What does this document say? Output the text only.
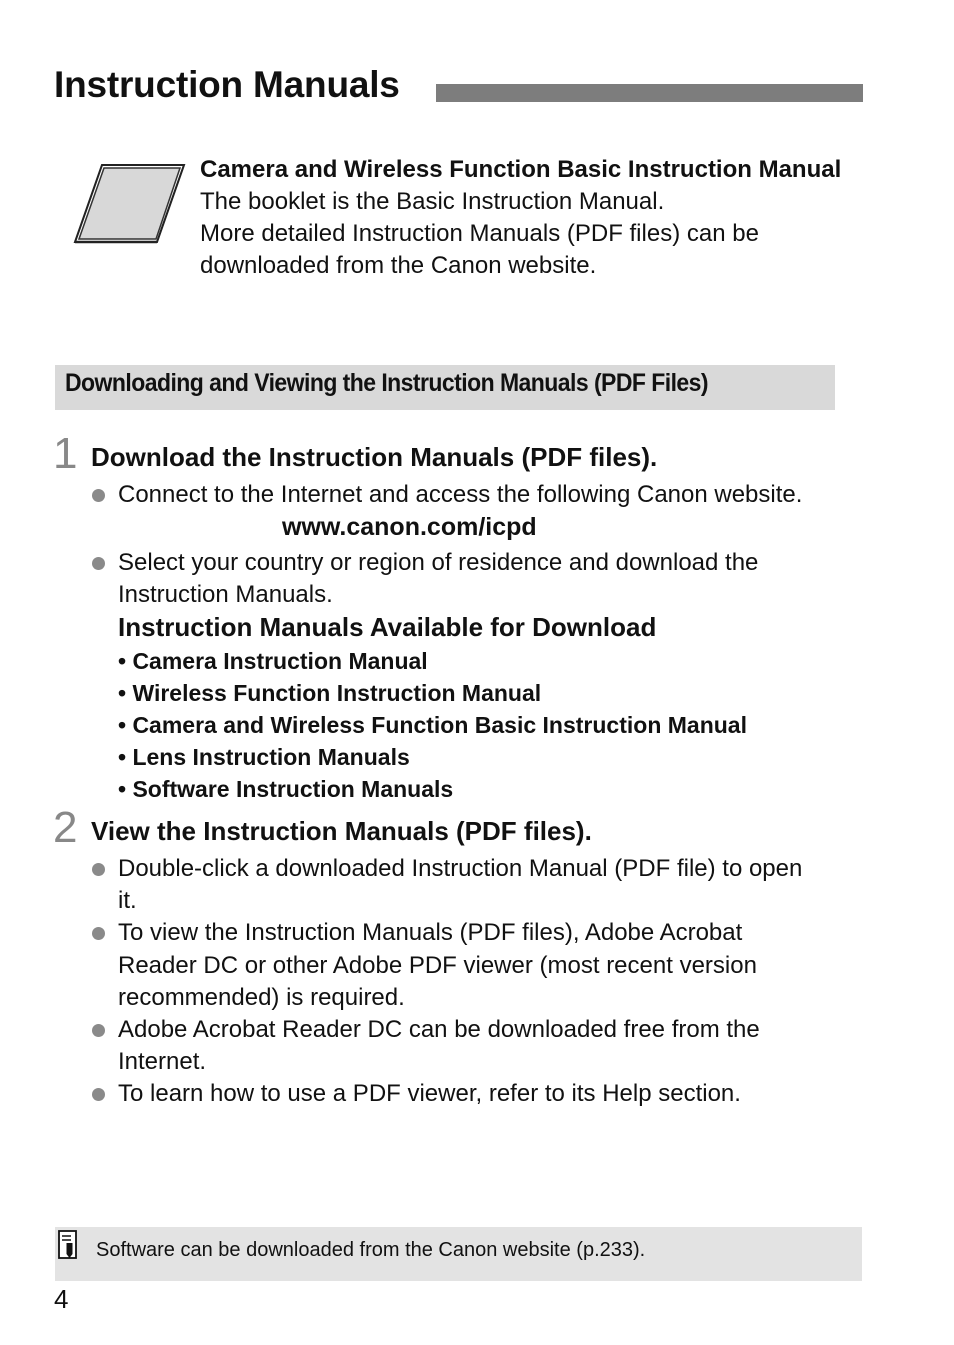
Instruction Manuals
Camera and Wireless Function Basic Instruction Manual
The booklet is the Basic Instruction Manual.
More detailed Instruction Manuals (PDF files) can be downloaded from the Canon website.
Downloading and Viewing the Instruction Manuals (PDF Files)
1 Download the Instruction Manuals (PDF files).
Connect to the Internet and access the following Canon website.
www.canon.com/icpd
Select your country or region of residence and download the
Instruction Manuals.
Instruction Manuals Available for Download
• Camera Instruction Manual
• Wireless Function Instruction Manual
• Camera and Wireless Function Basic Instruction Manual
• Lens Instruction Manuals
• Software Instruction Manuals
2 View the Instruction Manuals (PDF files).
Double-click a downloaded Instruction Manual (PDF file) to open
it.
To view the Instruction Manuals (PDF files), Adobe Acrobat
Reader DC or other Adobe PDF viewer (most recent version
recommended) is required.
Adobe Acrobat Reader DC can be downloaded free from the
Internet.
To learn how to use a PDF viewer, refer to its Help section.
Software can be downloaded from the Canon website (p.233).
4
